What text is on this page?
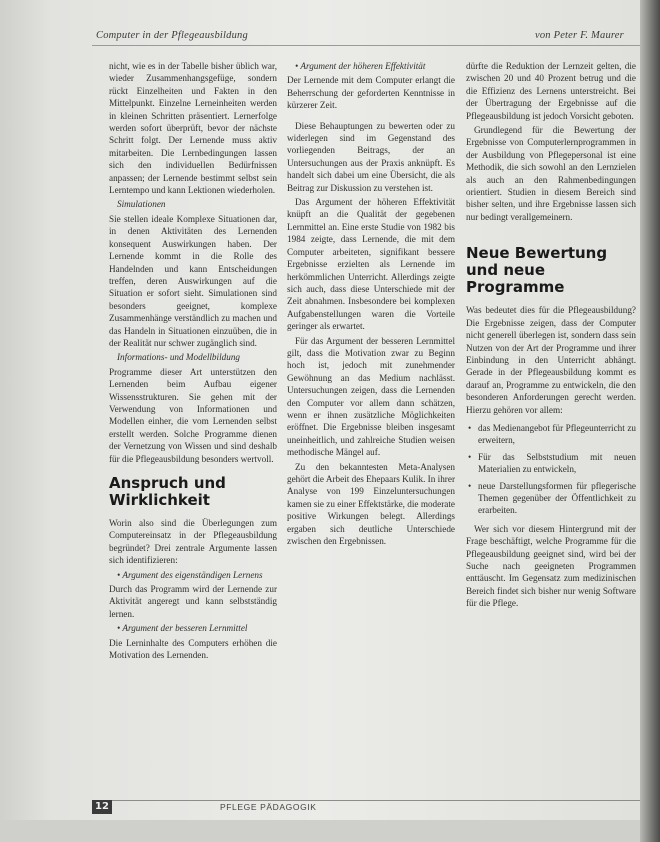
Computer in der Pflegeausbildung	von Peter F. Maurer

nicht, wie es in der Tabelle bisher üblich war, wieder Zusammenhangsgefüge, sondern rückt Einzelheiten und Fakten in den Mittelpunkt. Einzelne Lerneinheiten werden in kleinen Schritten präsentiert. Lernerfolge werden sofort überprüft, bevor der nächste Schritt folgt. Der Lernende muss aktiv mitarbeiten. Die Lernbedingungen lassen sich den individuellen Bedürfnissen anpassen; der Lernende bestimmt selbst sein Lerntempo und kann Lektionen wiederholen.

Simulationen

Sie stellen ideale Komplexe Situationen dar, in denen Aktivitäten des Lernenden konsequent Auswirkungen haben. Der Lernende kommt in die Rolle des Handelnden und kann Entscheidungen treffen, deren Auswirkungen auf die Situation er sofort sieht. Simulationen sind besonders geeignet, komplexe Zusammenhänge verständlich zu machen und das Handeln in Situationen einzuüben, die in der Realität nur schwer zugänglich sind.

Informations- und Modellbildung

Programme dieser Art unterstützen den Lernenden beim Aufbau eigener Wissensstrukturen. Sie gehen mit der Verwendung von Informationen und Modellen einher, die vom Lernenden selbst erstellt werden. Solche Programme dienen der Vernetzung von Wissen und sind deshalb für die Pflegeausbildung besonders wertvoll.

Anspruch und Wirklichkeit

Worin also sind die Überlegungen zum Computereinsatz in der Pflegeausbildung begründet? Drei zentrale Argumente lassen sich identifizieren:

• Argument des eigenständigen Lernens

Durch das Programm wird der Lernende zur Aktivität angeregt und kann selbstständig lernen.

• Argument der besseren Lernmittel

Die Lerninhalte des Computers erhöhen die Motivation des Lernenden.

• Argument der höheren Effektivität

Der Lernende mit dem Computer erlangt die Beherrschung der geforderten Kenntnisse in kürzerer Zeit.

Diese Behauptungen zu bewerten oder zu widerlegen sind im Gegenstand des vorliegenden Beitrags, der an Untersuchungen aus der Praxis anknüpft. Es handelt sich dabei um eine Übersicht, die als Beitrag zur Diskussion zu verstehen ist.

Das Argument der höheren Effektivität knüpft an die Qualität der gegebenen Lernmittel an. Eine erste Studie von 1982 bis 1984 zeigte, dass Lernende, die mit dem Computer arbeiteten, signifikant bessere Ergebnisse erzielten als Lernende im herkömmlichen Unterricht. Allerdings zeigte sich auch, dass diese Unterschiede mit der Zeit abnahmen. Insbesondere bei komplexen Aufgabenstellungen waren die Vorteile geringer als erwartet.

Für das Argument der besseren Lernmittel gilt, dass die Motivation zwar zu Beginn hoch ist, jedoch mit zunehmender Gewöhnung an das Medium nachlässt. Untersuchungen zeigen, dass die Lernenden den Computer vor allem dann schätzen, wenn er ihnen zusätzliche Möglichkeiten eröffnet. Die Ergebnisse bleiben insgesamt uneinheitlich, und zahlreiche Studien weisen methodische Mängel auf.

Zu den bekanntesten Meta-Analysen gehört die Arbeit des Ehepaars Kulik. In ihrer Analyse von 199 Einzeluntersuchungen kamen sie zu einer Effektstärke, die moderate positive Wirkungen belegt. Allerdings ergaben sich deutliche Unterschiede zwischen den Ergebnissen.

dürfte die Reduktion der Lernzeit gelten, die zwischen 20 und 40 Prozent betrug und die die Effizienz des Lernens unterstreicht. Bei der Übertragung der Ergebnisse auf die Pflegeausbildung ist jedoch Vorsicht geboten.

Grundlegend für die Bewertung der Ergebnisse von Computerlernprogrammen in der Ausbildung von Pflegepersonal ist eine Methodik, die sich sowohl an den Lernzielen als auch an den Rahmenbedingungen orientiert. Studien in diesem Bereich sind bisher selten, und ihre Ergebnisse lassen sich nur bedingt verallgemeinern.

Neue Bewertung und neue Programme

Was bedeutet dies für die Pflegeausbildung? Die Ergebnisse zeigen, dass der Computer nicht generell überlegen ist, sondern dass sein Nutzen von der Art der Programme und ihrer Einbindung in den Unterricht abhängt. Gerade in der Pflegeausbildung kommt es darauf an, Programme zu entwickeln, die den besonderen Anforderungen gerecht werden. Hierzu gehören vor allem:

• das Medienangebot für Pflegeunterricht zu erweitern,
• Für das Selbststudium mit neuen Materialien zu entwickeln,
• neue Darstellungsformen für pflegerische Themen gegenüber der Öffentlichkeit zu erarbeiten.

Wer sich vor diesem Hintergrund mit der Frage beschäftigt, welche Programme für die Pflegeausbildung geeignet sind, wird bei der Suche nach geeigneten Programmen enttäuscht. Im Gegensatz zum medizinischen Bereich findet sich bisher nur wenig Software für die Pflege.

12	PFLEGE PÄDAGOGIK
